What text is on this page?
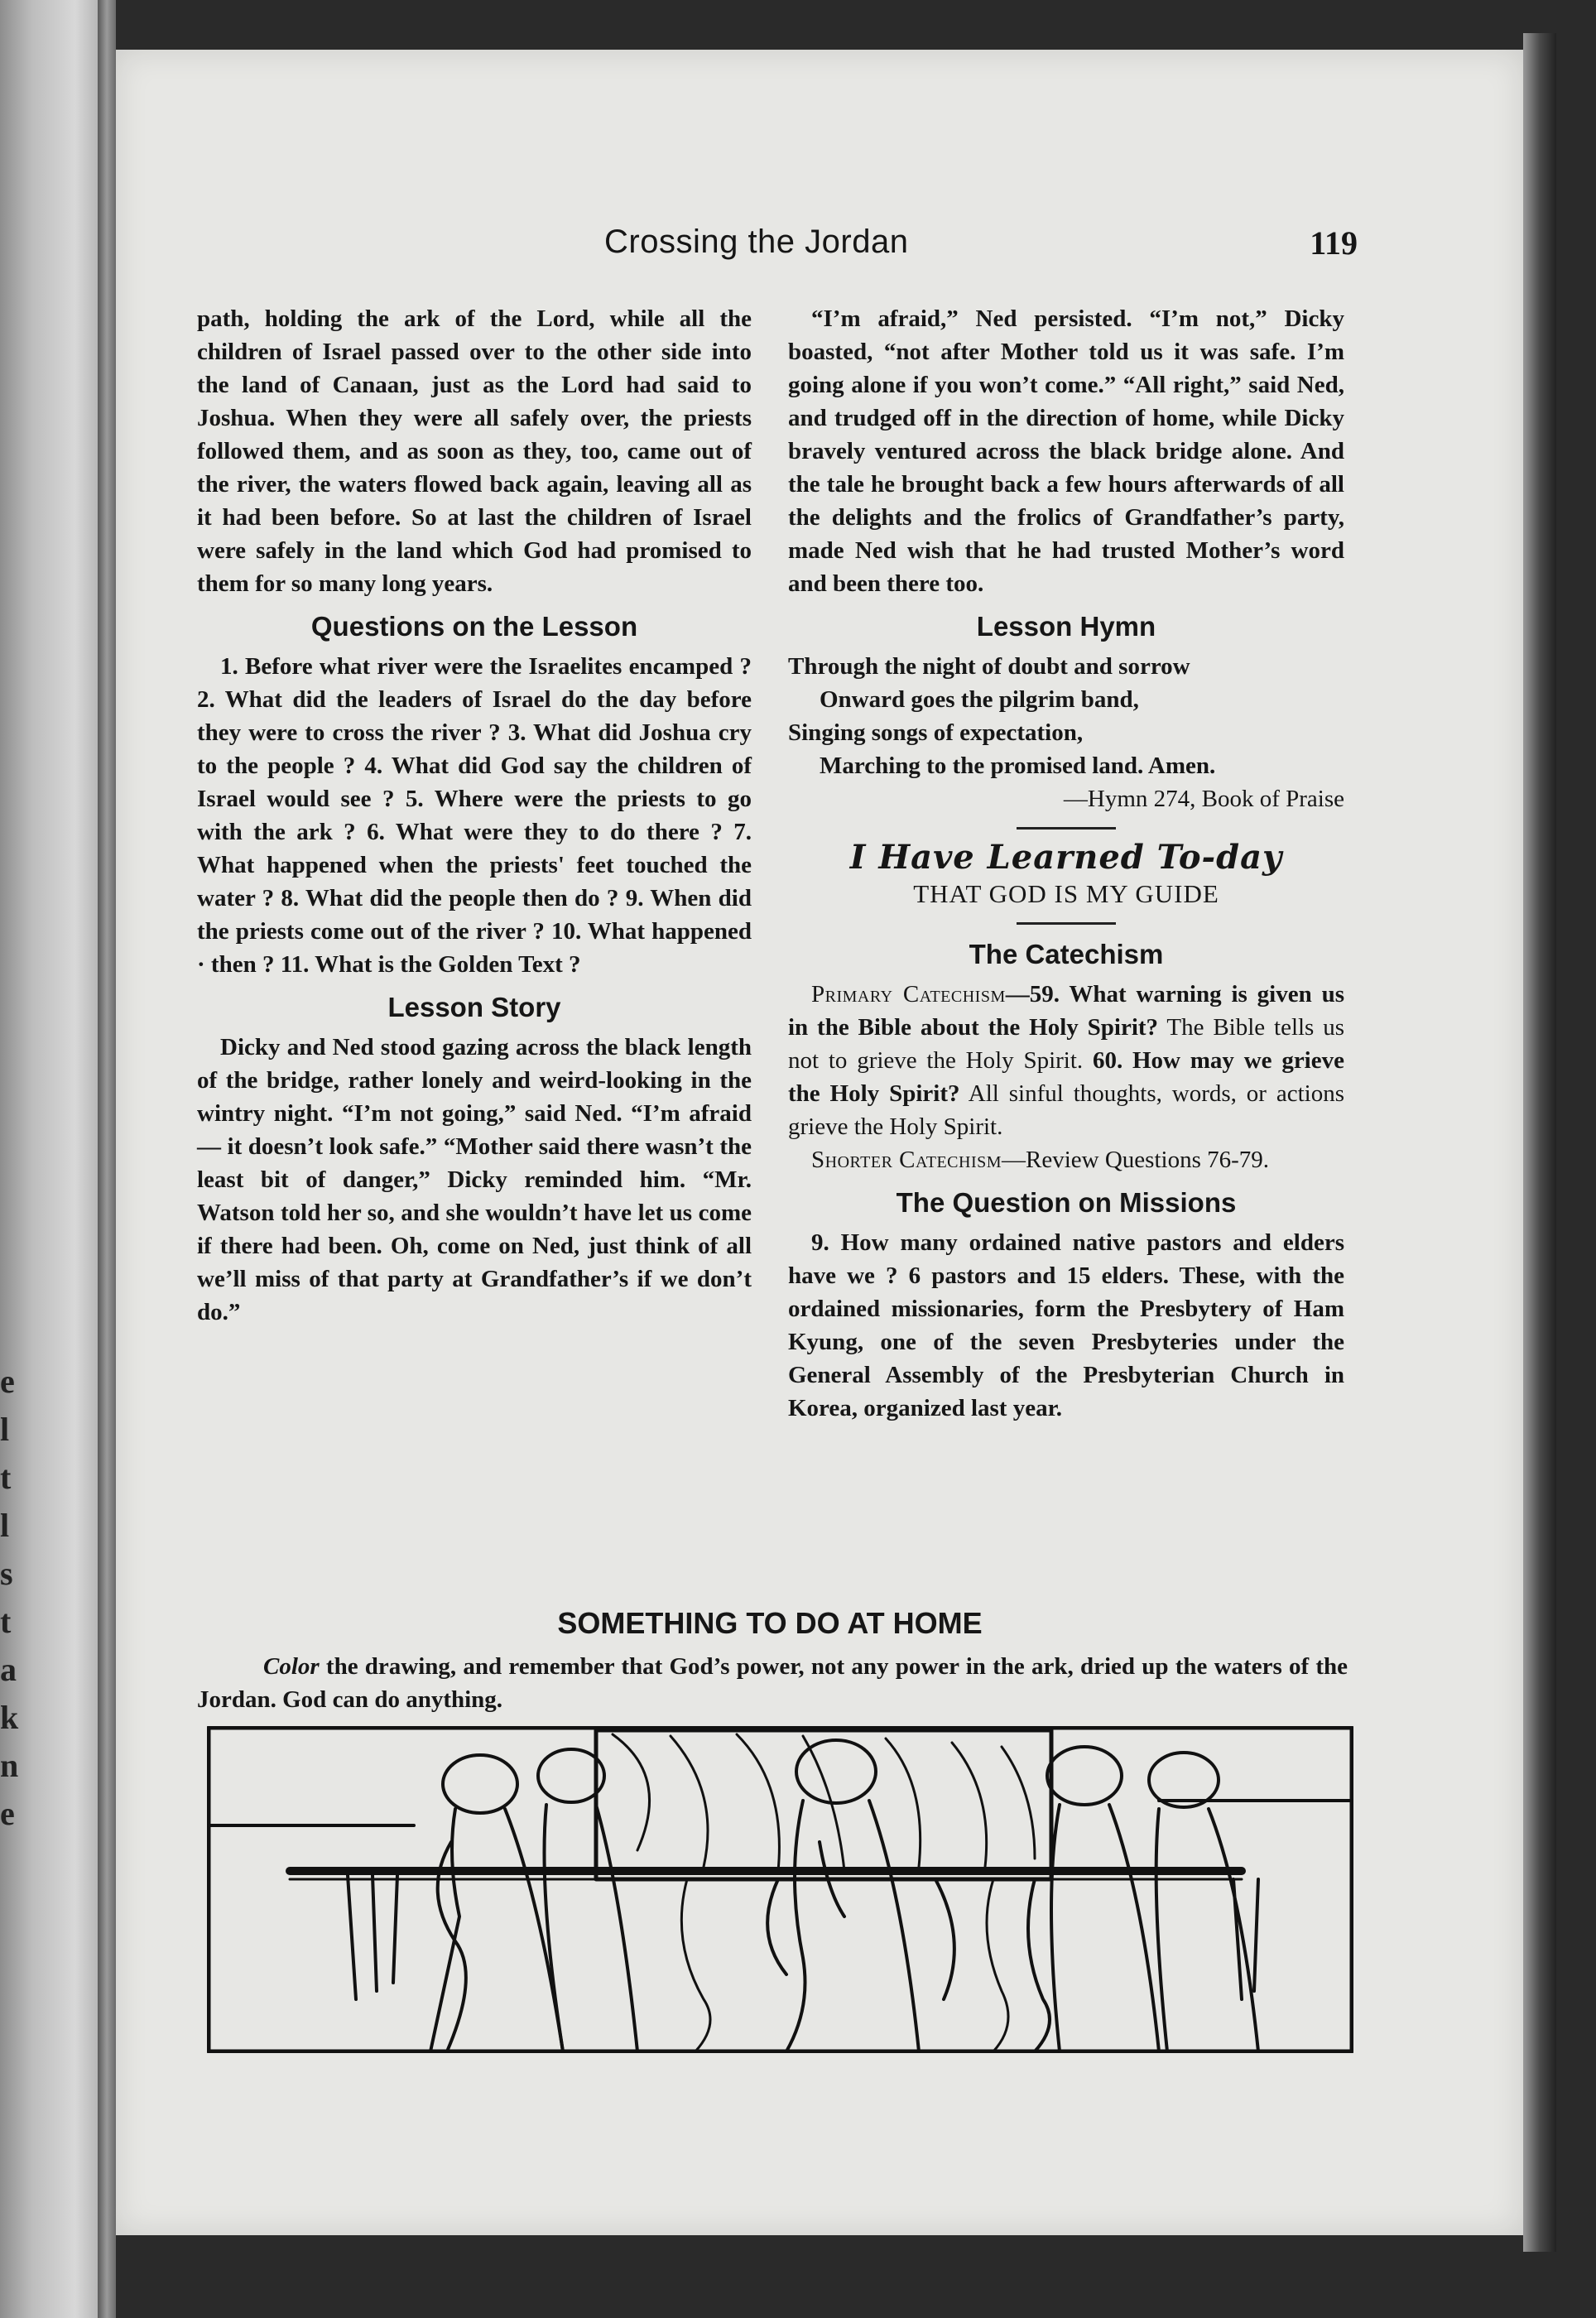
e
l
t
l
s
t
a
k
n
e
Crossing the Jordan	119

path, holding the ark of the Lord, while all the children of Israel passed over to the other side into the land of Canaan, just as the Lord had said to Joshua. When they were all safely over, the priests followed them, and as soon as they, too, came out of the river, the waters flowed back again, leaving all as it had been before. So at last the children of Israel were safely in the land which God had promised to them for so many long years.

Questions on the Lesson

1. Before what river were the Israelites encamped ? 2. What did the leaders of Israel do the day before they were to cross the river ? 3. What did Joshua cry to the people ? 4. What did God say the children of Israel would see ? 5. Where were the priests to go with the ark ? 6. What were they to do there ? 7. What happened when the priests' feet touched the water ? 8. What did the people then do ? 9. When did the priests come out of the river ? 10. What happened · then ? 11. What is the Golden Text ?

Lesson Story

Dicky and Ned stood gazing across the black length of the bridge, rather lonely and weird-looking in the wintry night. “I’m not going,” said Ned. “I’m afraid— it doesn’t look safe.” “Mother said there wasn’t the least bit of danger,” Dicky reminded him. “Mr. Watson told her so, and she wouldn’t have let us come if there had been. Oh, come on Ned, just think of all we’ll miss of that party at Grandfather’s if we don’t do.”

“I’m afraid,” Ned persisted. “I’m not,” Dicky boasted, “not after Mother told us it was safe. I’m going alone if you won’t come.” “All right,” said Ned, and trudged off in the direction of home, while Dicky bravely ventured across the black bridge alone. And the tale he brought back a few hours afterwards of all the delights and the frolics of Grandfather’s party, made Ned wish that he had trusted Mother’s word and been there too.

Lesson Hymn
Through the night of doubt and sorrow
Onward goes the pilgrim band,
Singing songs of expectation,
Marching to the promised land. Amen.
—Hymn 274, Book of Praise
I Have Learned To-day
THAT GOD IS MY GUIDE
The Catechism

Primary Catechism—59. What warning is given us in the Bible about the Holy Spirit? The Bible tells us not to grieve the Holy Spirit. 60. How may we grieve the Holy Spirit? All sinful thoughts, words, or actions grieve the Holy Spirit.

Shorter Catechism—Review Questions 76-79.

The Question on Missions

9. How many ordained native pastors and elders have we ? 6 pastors and 15 elders. These, with the ordained missionaries, form the Presbytery of Ham Kyung, one of the seven Presbyteries under the General Assembly of the Presbyterian Church in Korea, organized last year.

SOMETHING TO DO AT HOME
Color the drawing, and remember that God’s power, not any power in the ark, dried up the waters of the Jordan. God can do anything.
